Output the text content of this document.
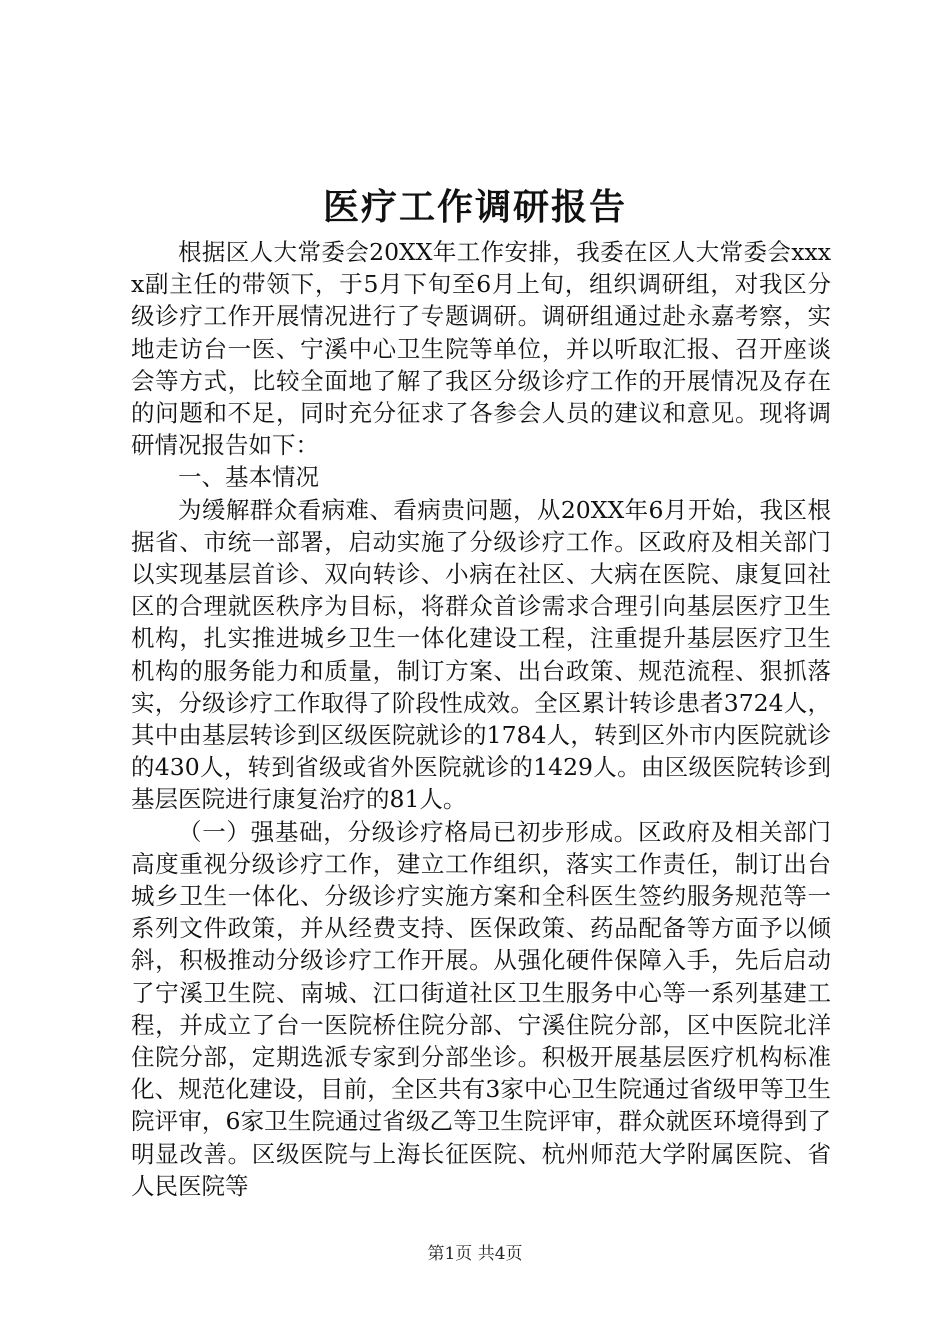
医疗工作调研报告

根据区人大常委会20XX年工作安排，我委在区人大常委会xxxx副主任的带领下，于5月下旬至6月上旬，组织调研组，对我区分级诊疗工作开展情况进行了专题调研。调研组通过赴永嘉考察，实地走访台一医、宁溪中心卫生院等单位，并以听取汇报、召开座谈会等方式，比较全面地了解了我区分级诊疗工作的开展情况及存在的问题和不足，同时充分征求了各参会人员的建议和意见。现将调研情况报告如下：

一、基本情况

为缓解群众看病难、看病贵问题，从20XX年6月开始，我区根据省、市统一部署，启动实施了分级诊疗工作。区政府及相关部门以实现基层首诊、双向转诊、小病在社区、大病在医院、康复回社区的合理就医秩序为目标，将群众首诊需求合理引向基层医疗卫生机构，扎实推进城乡卫生一体化建设工程，注重提升基层医疗卫生机构的服务能力和质量，制订方案、出台政策、规范流程、狠抓落实，分级诊疗工作取得了阶段性成效。全区累计转诊患者3724人，其中由基层转诊到区级医院就诊的1784人，转到区外市内医院就诊的430人，转到省级或省外医院就诊的1429人。由区级医院转诊到基层医院进行康复治疗的81人。

（一）强基础，分级诊疗格局已初步形成。区政府及相关部门高度重视分级诊疗工作，建立工作组织，落实工作责任，制订出台城乡卫生一体化、分级诊疗实施方案和全科医生签约服务规范等一系列文件政策，并从经费支持、医保政策、药品配备等方面予以倾斜，积极推动分级诊疗工作开展。从强化硬件保障入手，先后启动了宁溪卫生院、南城、江口街道社区卫生服务中心等一系列基建工程，并成立了台一医院桥住院分部、宁溪住院分部，区中医院北洋住院分部，定期选派专家到分部坐诊。积极开展基层医疗机构标准化、规范化建设，目前，全区共有3家中心卫生院通过省级甲等卫生院评审，6家卫生院通过省级乙等卫生院评审，群众就医环境得到了明显改善。区级医院与上海长征医院、杭州师范大学附属医院、省人民医院等

第1页 共4页
